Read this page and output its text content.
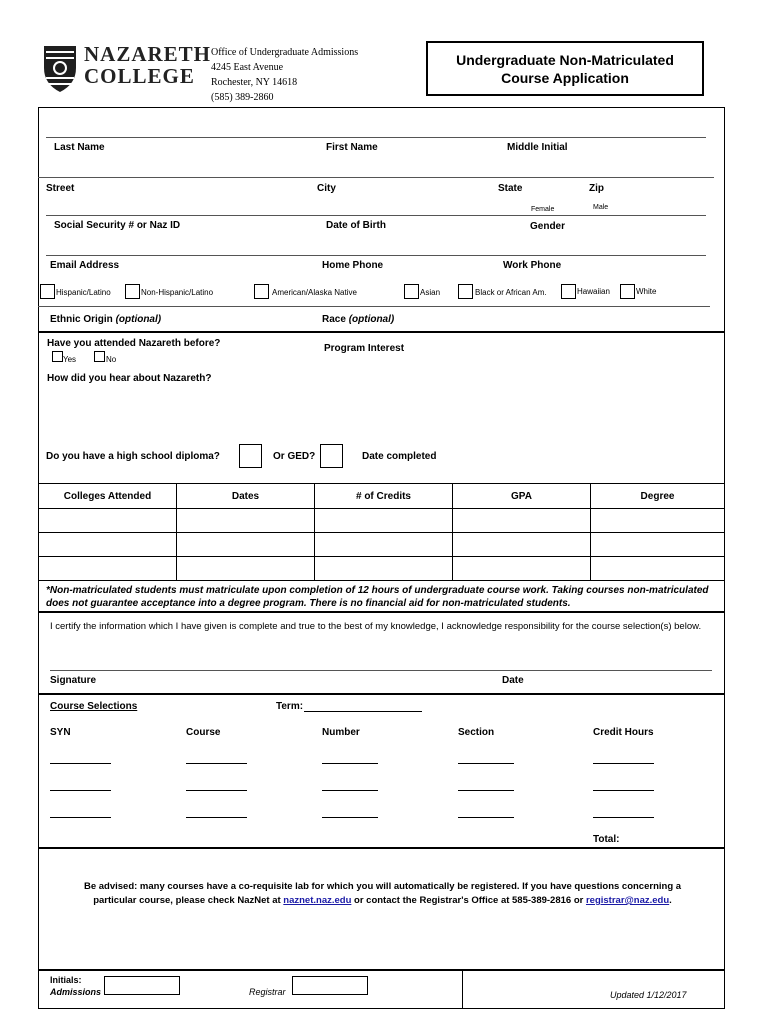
NAZARETH
COLLEGE
Office of Undergraduate Admissions
4245 East Avenue
Rochester, NY 14618
(585) 389-2860
Undergraduate Non-Matriculated
Course Application
Last Name	First Name	Middle Initial
Street	City	State	Zip
Female	Male
Social Security # or Naz ID	Date of Birth	Gender
Email Address	Home Phone	Work Phone
Hispanic/Latino	Non-Hispanic/Latino	American/Alaska Native	Asian	Black or African Am.	Hawaiian	White
Ethnic Origin (optional)	Race (optional)
Have you attended Nazareth before?
Yes	No
Program Interest
How did you hear about Nazareth?
Do you have a high school diploma?	Or GED?	Date completed
Colleges Attended	Dates	# of Credits	GPA	Degree

*Non-matriculated students must matriculate upon completion of 12 hours of undergraduate course work. Taking courses non-matriculated does not guarantee acceptance into a degree program. There is no financial aid for non-matriculated students.
I certify the information which I have given is complete and true to the best of my knowledge, I acknowledge responsibility for the course selection(s) below.
Signature	Date
Course Selections	Term:
SYN	Course	Number	Section	Credit Hours
Total:
Be advised: many courses have a co-requisite lab for which you will automatically be registered. If you have questions concerning a
particular course, please check NazNet at naznet.naz.edu or contact the Registrar's Office at 585-389-2816 or registrar@naz.edu.
Initials:
Admissions	Registrar	Updated 1/12/2017
